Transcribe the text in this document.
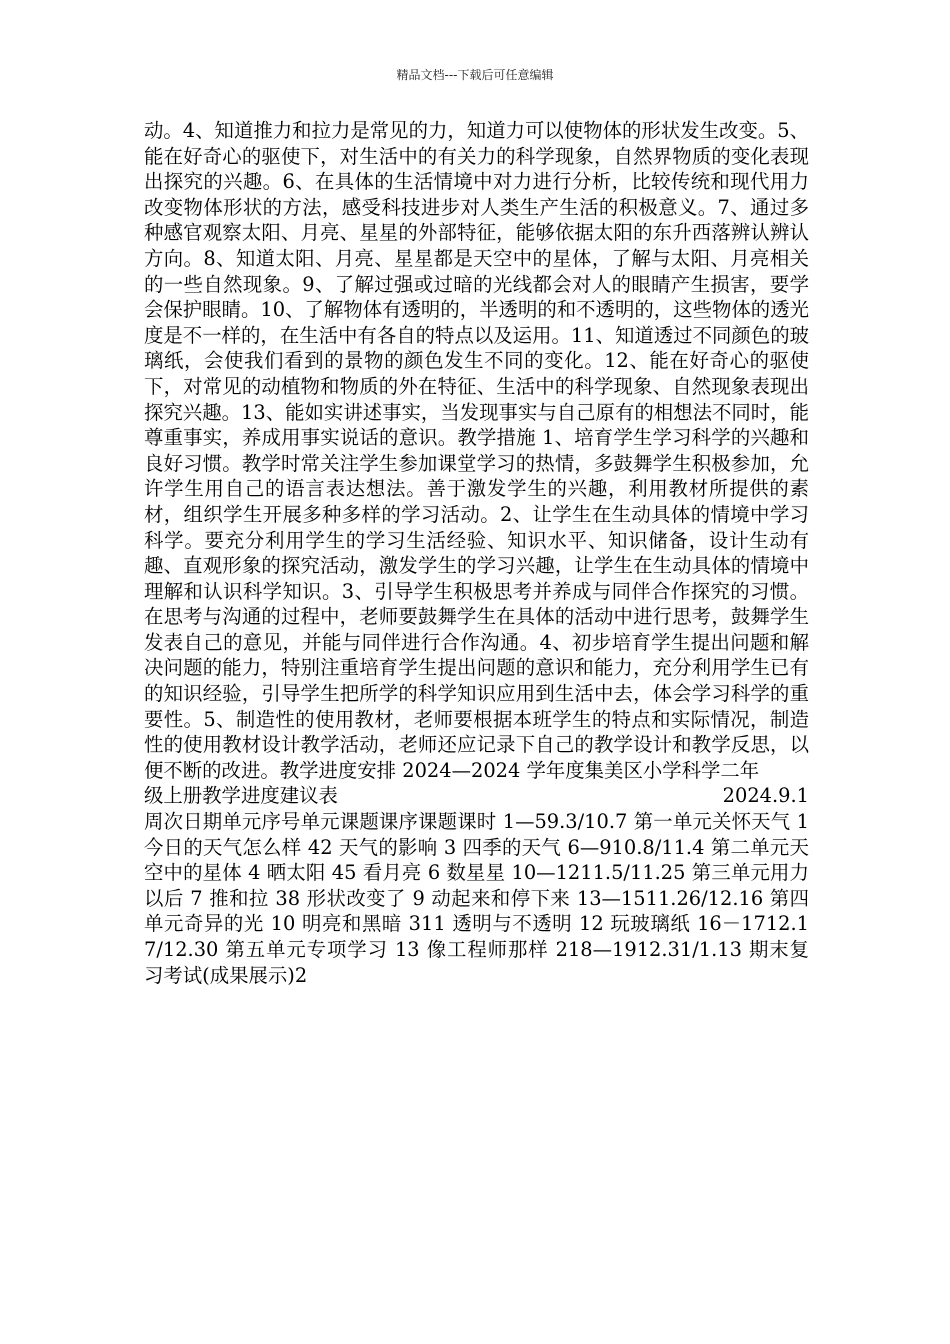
精品文档---下载后可任意编辑

动。4、知道推力和拉力是常见的力，知道力可以使物体的形状发生改变。5、能在好奇心的驱使下，对生活中的有关力的科学现象，自然界物质的变化表现出探究的兴趣。6、在具体的生活情境中对力进行分析，比较传统和现代用力改变物体形状的方法，感受科技进步对人类生产生活的积极意义。7、通过多种感官观察太阳、月亮、星星的外部特征，能够依据太阳的东升西落辨认辨认方向。8、知道太阳、月亮、星星都是天空中的星体，了解与太阳、月亮相关的一些自然现象。9、了解过强或过暗的光线都会对人的眼睛产生损害，要学会保护眼睛。10、了解物体有透明的，半透明的和不透明的，这些物体的透光度是不一样的，在生活中有各自的特点以及运用。11、知道透过不同颜色的玻璃纸，会使我们看到的景物的颜色发生不同的变化。12、能在好奇心的驱使下，对常见的动植物和物质的外在特征、生活中的科学现象、自然现象表现出探究兴趣。13、能如实讲述事实，当发现事实与自己原有的相想法不同时，能尊重事实，养成用事实说话的意识。教学措施 1、培育学生学习科学的兴趣和良好习惯。教学时常关注学生参加课堂学习的热情，多鼓舞学生积极参加，允许学生用自己的语言表达想法。善于激发学生的兴趣，利用教材所提供的素材，组织学生开展多种多样的学习活动。2、让学生在生动具体的情境中学习科学。要充分利用学生的学习生活经验、知识水平、知识储备，设计生动有趣、直观形象的探究活动，激发学生的学习兴趣，让学生在生动具体的情境中理解和认识科学知识。3、引导学生积极思考并养成与同伴合作探究的习惯。在思考与沟通的过程中，老师要鼓舞学生在具体的活动中进行思考，鼓舞学生发表自己的意见，并能与同伴进行合作沟通。4、初步培育学生提出问题和解决问题的能力，特别注重培育学生提出问题的意识和能力，充分利用学生已有的知识经验，引导学生把所学的科学知识应用到生活中去，体会学习科学的重要性。5、制造性的使用教材，老师要根据本班学生的特点和实际情况，制造性的使用教材设计教学活动，老师还应记录下自己的教学设计和教学反思，以便不断的改进。教学进度安排 2024—2024 学年度集美区小学科学二年

级上册教学进度建议表	2024.9.1

周次日期单元序号单元课题课序课题课时 1—59.3/10.7 第一单元关怀天气 1 今日的天气怎么样 42 天气的影响 3 四季的天气 6—910.8/11.4 第二单元天空中的星体 4 晒太阳 45 看月亮 6 数星星 10—1211.5/11.25 第三单元用力以后 7 推和拉 38 形状改变了 9 动起来和停下来 13—1511.26/12.16 第四单元奇异的光 10 明亮和黑暗 311 透明与不透明 12 玩玻璃纸 16－1712.17/12.30 第五单元专项学习 13 像工程师那样 218—1912.31/1.13 期末复习考试(成果展示)2
